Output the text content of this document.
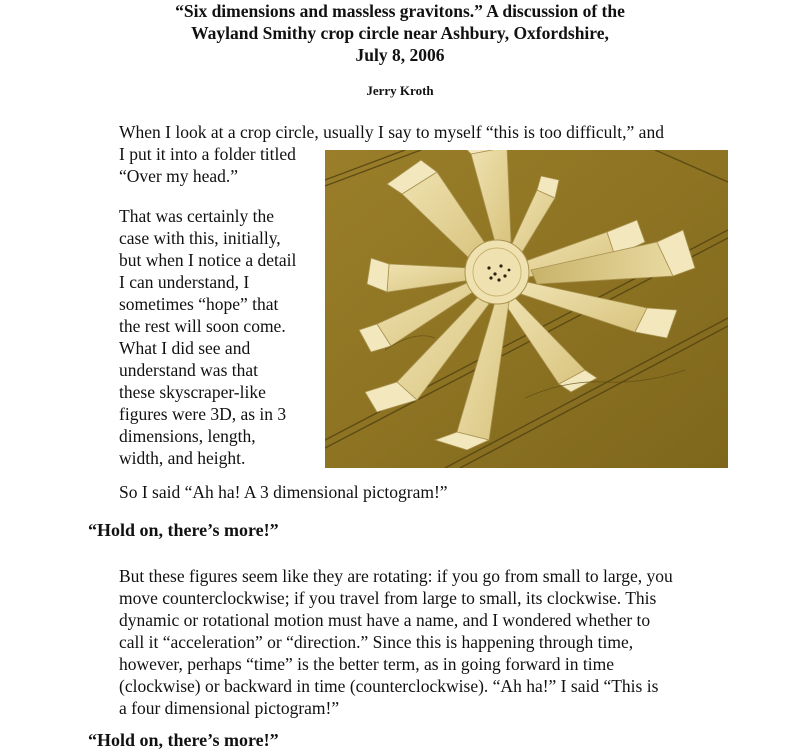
“Six dimensions and massless gravitons.” A discussion of the
Wayland Smithy crop circle near Ashbury, Oxfordshire,
July 8, 2006
Jerry Kroth

When I look at a crop circle, usually I say to myself “this is too difficult,” and

I put it into a folder titled

“Over my head.”

That was certainly the

case with this, initially,

but when I notice a detail

I can understand, I

sometimes “hope” that

the rest will soon come.

What I did see and

understand was that

these skyscraper-like

figures were 3D, as in 3

dimensions, length,

width, and height.

So I said “Ah ha! A 3 dimensional pictogram!”

“Hold on, there’s more!”

But these figures seem like they are rotating: if you go from small to large, you

move counterclockwise; if you travel from large to small, its clockwise. This

dynamic or rotational motion must have a name, and I wondered whether to

call it “acceleration” or “direction.” Since this is happening through time,

however, perhaps “time” is the better term, as in going forward in time

(clockwise) or backward in time (counterclockwise). “Ah ha!” I said “This is

a four dimensional pictogram!”

“Hold on, there’s more!”
